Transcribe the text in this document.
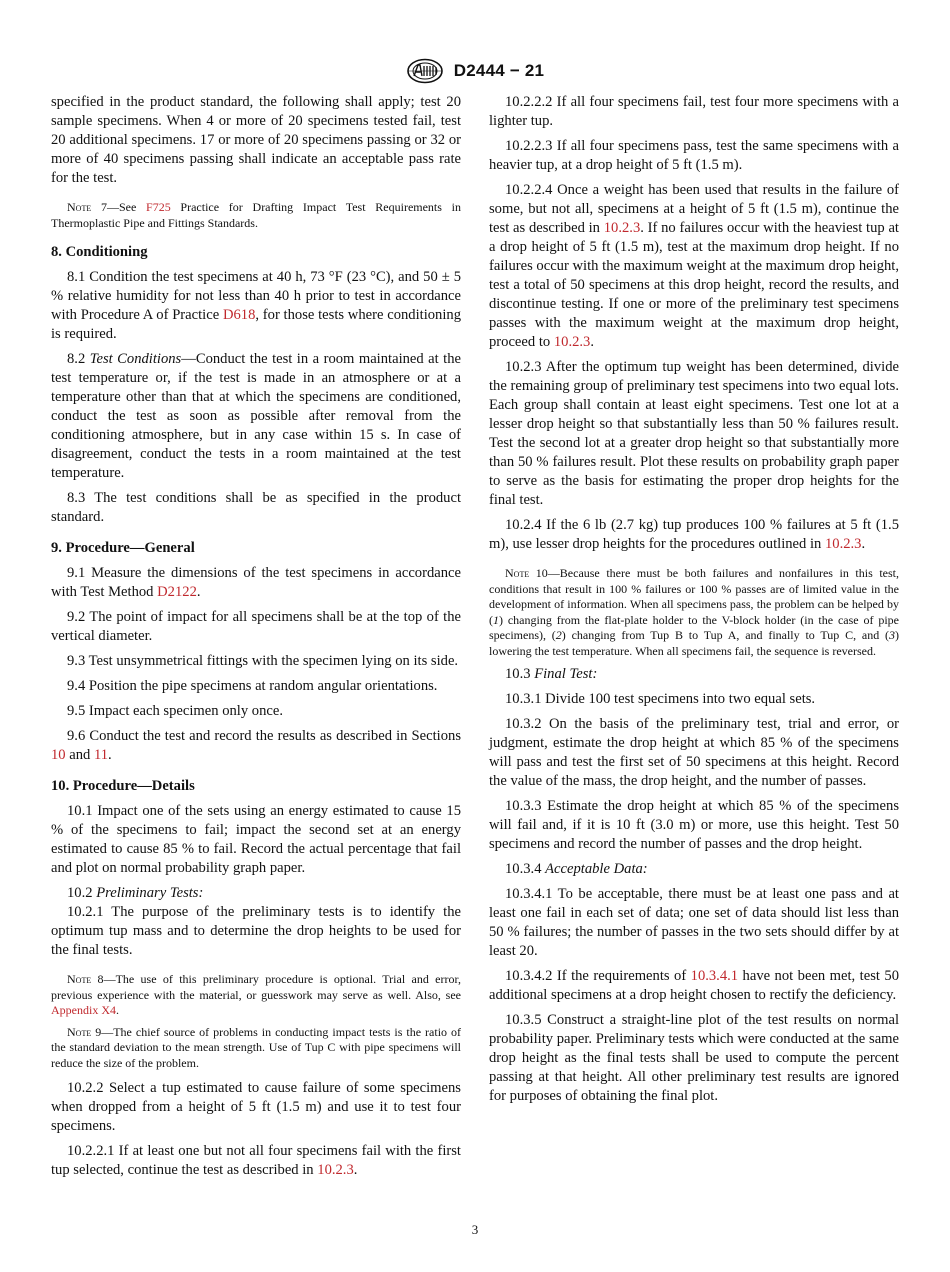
D2444 − 21

specified in the product standard, the following shall apply; test 20 sample specimens. When 4 or more of 20 specimens tested fail, test 20 additional specimens. 17 or more of 20 specimens passing or 32 or more of 40 specimens passing shall indicate an acceptable pass rate for the test.

Note 7—See F725 Practice for Drafting Impact Test Requirements in Thermoplastic Pipe and Fittings Standards.
8. Conditioning

8.1 Condition the test specimens at 40 h, 73 °F (23 °C), and 50 ± 5 % relative humidity for not less than 40 h prior to test in accordance with Procedure A of Practice D618, for those tests where conditioning is required.

8.2 Test Conditions—Conduct the test in a room maintained at the test temperature or, if the test is made in an atmosphere or at a temperature other than that at which the specimens are conditioned, conduct the test as soon as possible after removal from the conditioning atmosphere, but in any case within 15 s. In case of disagreement, conduct the tests in a room maintained at the test temperature.

8.3 The test conditions shall be as specified in the product standard.

9. Procedure—General

9.1 Measure the dimensions of the test specimens in accordance with Test Method D2122.

9.2 The point of impact for all specimens shall be at the top of the vertical diameter.

9.3 Test unsymmetrical fittings with the specimen lying on its side.

9.4 Position the pipe specimens at random angular orientations.

9.5 Impact each specimen only once.

9.6 Conduct the test and record the results as described in Sections 10 and 11.

10. Procedure—Details

10.1 Impact one of the sets using an energy estimated to cause 15 % of the specimens to fail; impact the second set at an energy estimated to cause 85 % to fail. Record the actual percentage that fail and plot on normal probability graph paper.

10.2 Preliminary Tests:

10.2.1 The purpose of the preliminary tests is to identify the optimum tup mass and to determine the drop heights to be used for the final tests.

Note 8—The use of this preliminary procedure is optional. Trial and error, previous experience with the material, or guesswork may serve as well. Also, see Appendix X4.
Note 9—The chief source of problems in conducting impact tests is the ratio of the standard deviation to the mean strength. Use of Tup C with pipe specimens will reduce the size of the problem.

10.2.2 Select a tup estimated to cause failure of some specimens when dropped from a height of 5 ft (1.5 m) and use it to test four specimens.

10.2.2.1 If at least one but not all four specimens fail with the first tup selected, continue the test as described in 10.2.3.

10.2.2.2 If all four specimens fail, test four more specimens with a lighter tup.

10.2.2.3 If all four specimens pass, test the same specimens with a heavier tup, at a drop height of 5 ft (1.5 m).

10.2.2.4 Once a weight has been used that results in the failure of some, but not all, specimens at a height of 5 ft (1.5 m), continue the test as described in 10.2.3. If no failures occur with the heaviest tup at a drop height of 5 ft (1.5 m), test at the maximum drop height. If no failures occur with the maximum weight at the maximum drop height, test a total of 50 specimens at this drop height, record the results, and discontinue testing. If one or more of the preliminary test specimens passes with the maximum weight at the maximum drop height, proceed to 10.2.3.

10.2.3 After the optimum tup weight has been determined, divide the remaining group of preliminary test specimens into two equal lots. Each group shall contain at least eight specimens. Test one lot at a lesser drop height so that substantially less than 50 % failures result. Test the second lot at a greater drop height so that substantially more than 50 % failures result. Plot these results on probability graph paper to serve as the basis for estimating the proper drop heights for the final test.

10.2.4 If the 6 lb (2.7 kg) tup produces 100 % failures at 5 ft (1.5 m), use lesser drop heights for the procedures outlined in 10.2.3.

Note 10—Because there must be both failures and nonfailures in this test, conditions that result in 100 % failures or 100 % passes are of limited value in the development of information. When all specimens pass, the problem can be helped by (1) changing from the flat-plate holder to the V-block holder (in the case of pipe specimens), (2) changing from Tup B to Tup A, and finally to Tup C, and (3) lowering the test temperature. When all specimens fail, the sequence is reversed.

10.3 Final Test:

10.3.1 Divide 100 test specimens into two equal sets.

10.3.2 On the basis of the preliminary test, trial and error, or judgment, estimate the drop height at which 85 % of the specimens will pass and test the first set of 50 specimens at this height. Record the value of the mass, the drop height, and the number of passes.

10.3.3 Estimate the drop height at which 85 % of the specimens will fail and, if it is 10 ft (3.0 m) or more, use this height. Test 50 specimens and record the number of passes and the drop height.

10.3.4 Acceptable Data:

10.3.4.1 To be acceptable, there must be at least one pass and at least one fail in each set of data; one set of data should list less than 50 % failures; the number of passes in the two sets should differ by at least 20.

10.3.4.2 If the requirements of 10.3.4.1 have not been met, test 50 additional specimens at a drop height chosen to rectify the deficiency.

10.3.5 Construct a straight-line plot of the test results on normal probability paper. Preliminary tests which were conducted at the same drop height as the final tests shall be used to compute the percent passing at that height. All other preliminary test results are ignored for purposes of obtaining the final plot.

3
